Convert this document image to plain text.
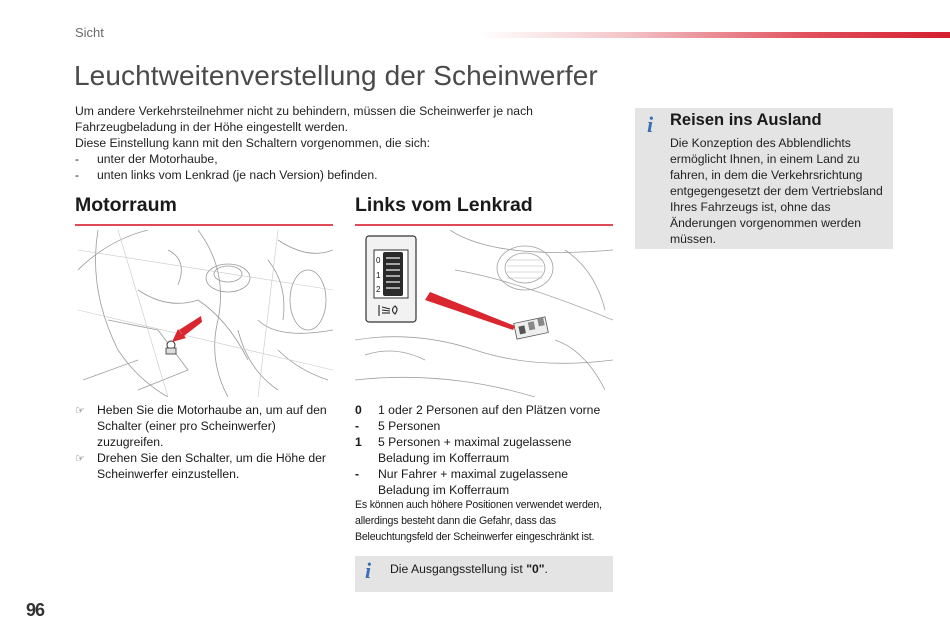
Sicht
Leuchtweitenverstellung der Scheinwerfer
Um andere Verkehrsteilnehmer nicht zu behindern, müssen die Scheinwerfer je nach
Fahrzeugbeladung in der Höhe eingestellt werden.
Diese Einstellung kann mit den Schaltern vorgenommen, die sich:
-	unter der Motorhaube,
-	unten links vom Lenkrad (je nach Version) befinden.
Motorraum
☞ Heben Sie die Motorhaube an, um auf den Schalter (einer pro Scheinwerfer) zuzugreifen.
☞ Drehen Sie den Schalter, um die Höhe der Scheinwerfer einzustellen.
Links vom Lenkrad
0
1
2
0	1 oder 2 Personen auf den Plätzen vorne
-	5 Personen
1	5 Personen + maximal zugelassene Beladung im Kofferraum
-	Nur Fahrer + maximal zugelassene Beladung im Kofferraum
Es können auch höhere Positionen verwendet werden, allerdings besteht dann die Gefahr, dass das Beleuchtungsfeld der Scheinwerfer eingeschränkt ist.
i Die Ausgangsstellung ist "0".
i Reisen ins Ausland
Die Konzeption des Abblendlichts ermöglicht Ihnen, in einem Land zu fahren, in dem die Verkehrsrichtung entgegengesetzt der dem Vertriebsland Ihres Fahrzeugs ist, ohne das Änderungen vorgenommen werden müssen.
96
